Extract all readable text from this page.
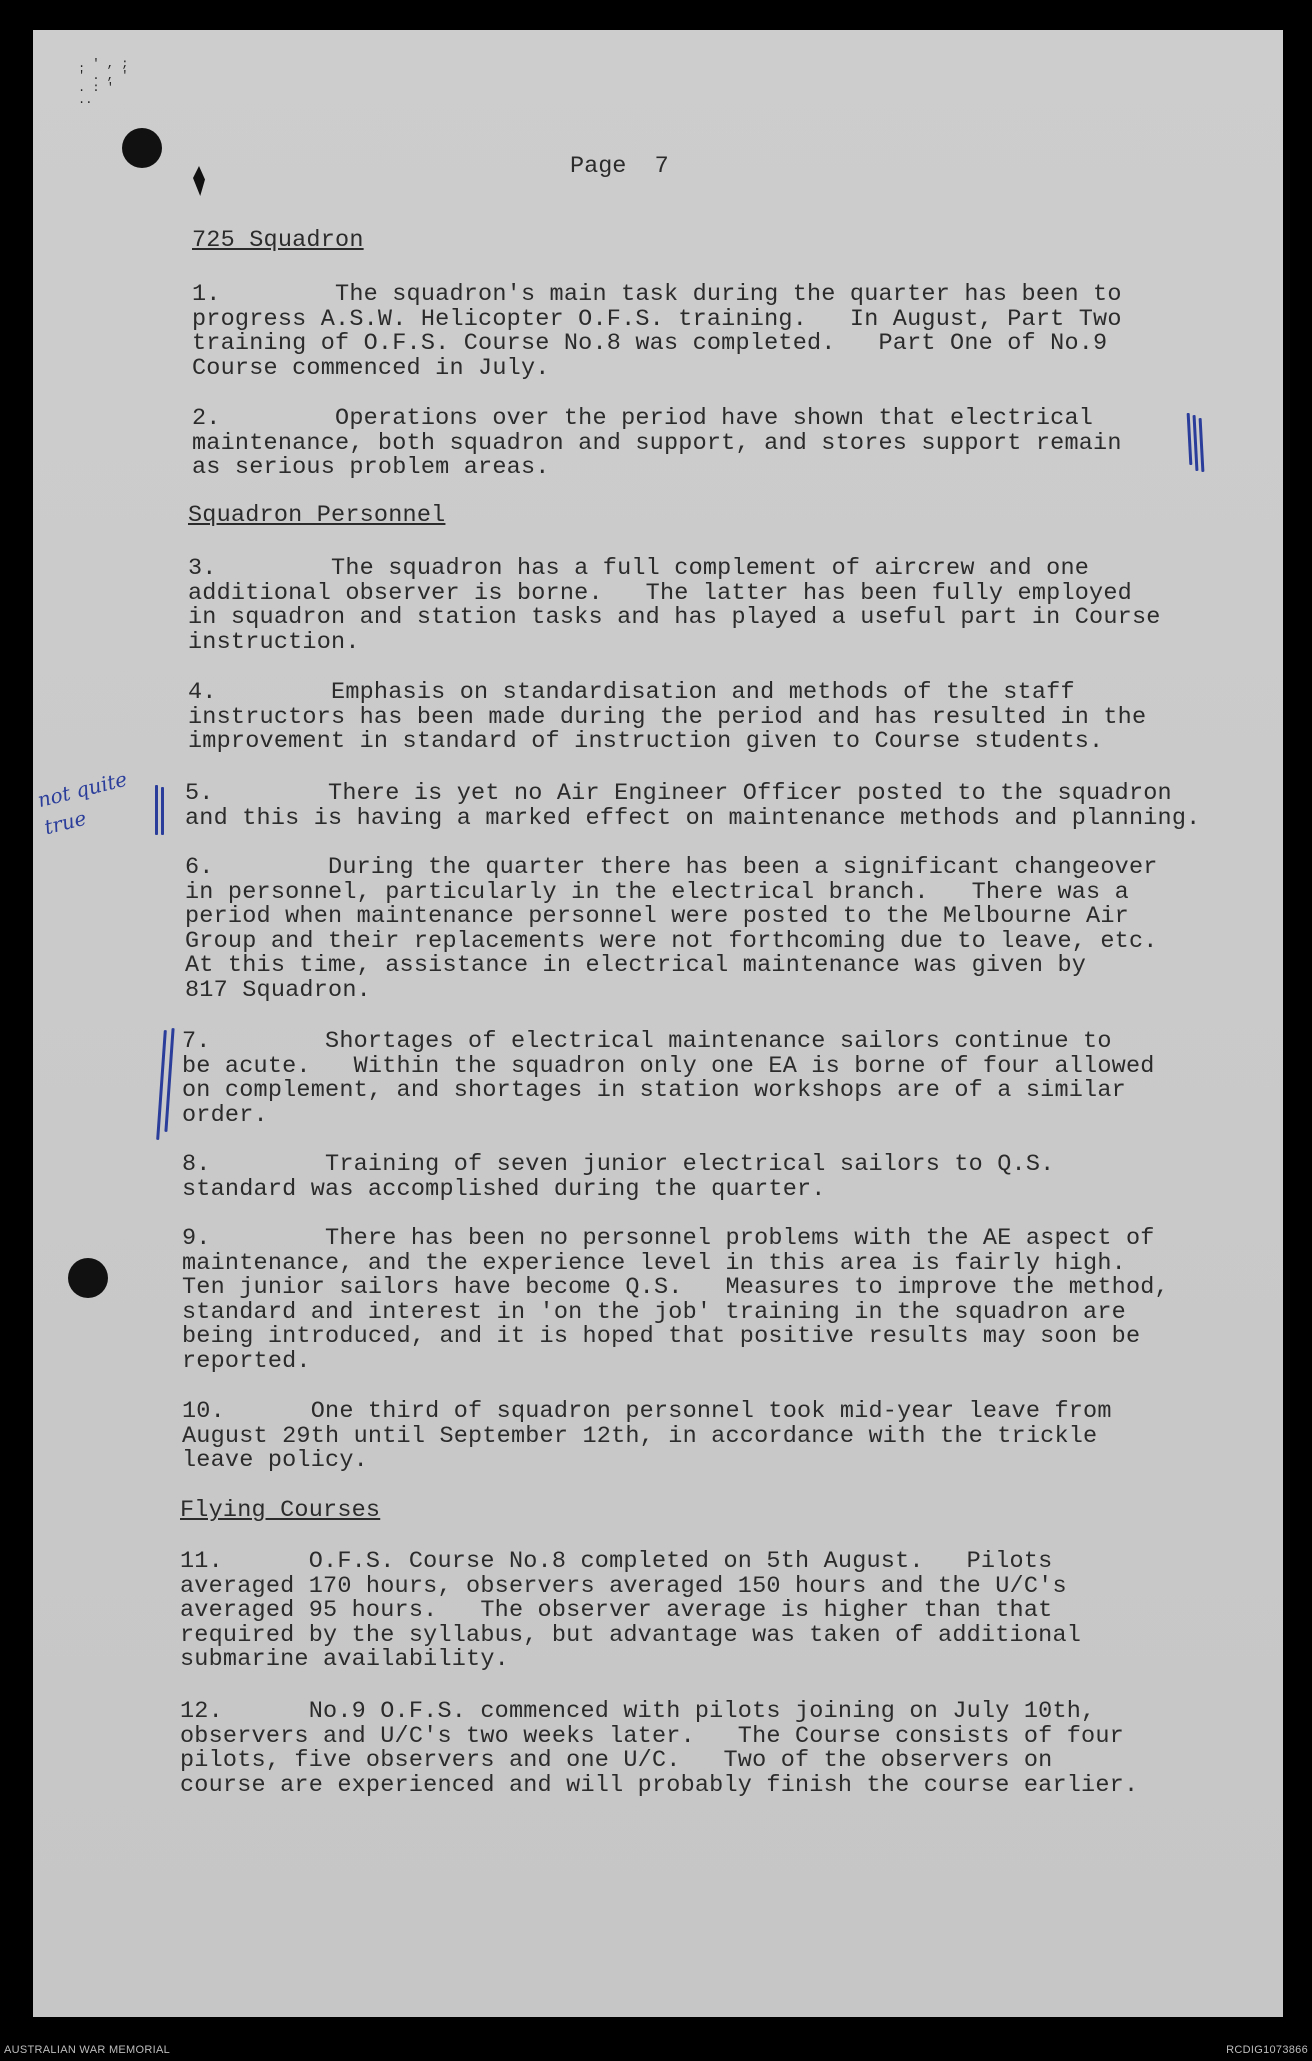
. ' , ;
' . , '
. : '
..
Page  7
725 Squadron
Squadron Personnel
Flying Courses
1.        The squadron's main task during the quarter has been to
progress A.S.W. Helicopter O.F.S. training.   In August, Part Two
training of O.F.S. Course No.8 was completed.   Part One of No.9
Course commenced in July.
2.        Operations over the period have shown that electrical
maintenance, both squadron and support, and stores support remain
as serious problem areas.
3.        The squadron has a full complement of aircrew and one
additional observer is borne.   The latter has been fully employed
in squadron and station tasks and has played a useful part in Course
instruction.
4.        Emphasis on standardisation and methods of the staff
instructors has been made during the period and has resulted in the
improvement in standard of instruction given to Course students.
5.        There is yet no Air Engineer Officer posted to the squadron
and this is having a marked effect on maintenance methods and planning.
6.        During the quarter there has been a significant changeover
in personnel, particularly in the electrical branch.   There was a
period when maintenance personnel were posted to the Melbourne Air
Group and their replacements were not forthcoming due to leave, etc.
At this time, assistance in electrical maintenance was given by
817 Squadron.
7.        Shortages of electrical maintenance sailors continue to
be acute.   Within the squadron only one EA is borne of four allowed
on complement, and shortages in station workshops are of a similar
order.
8.        Training of seven junior electrical sailors to Q.S.
standard was accomplished during the quarter.
9.        There has been no personnel problems with the AE aspect of
maintenance, and the experience level in this area is fairly high.
Ten junior sailors have become Q.S.   Measures to improve the method,
standard and interest in 'on the job' training in the squadron are
being introduced, and it is hoped that positive results may soon be
reported.
10.      One third of squadron personnel took mid-year leave from
August 29th until September 12th, in accordance with the trickle
leave policy.
11.      O.F.S. Course No.8 completed on 5th August.   Pilots
averaged 170 hours, observers averaged 150 hours and the U/C's
averaged 95 hours.   The observer average is higher than that
required by the syllabus, but advantage was taken of additional
submarine availability.
12.      No.9 O.F.S. commenced with pilots joining on July 10th,
observers and U/C's two weeks later.   The Course consists of four
pilots, five observers and one U/C.   Two of the observers on
course are experienced and will probably finish the course earlier.
not quite
true
AUSTRALIAN WAR MEMORIAL	RCDIG1073866
